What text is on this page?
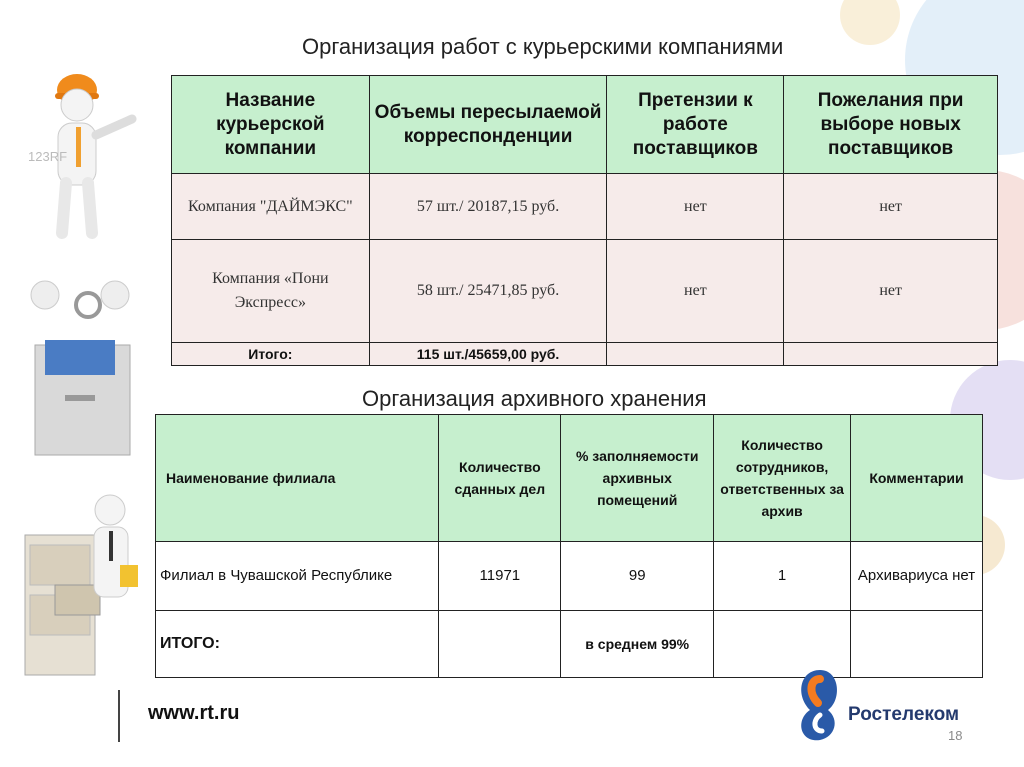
123RF
Организация работ с курьерскими компаниями
Название курьерской компании	Объемы пересылаемой корреспонденции	Претензии к работе поставщиков	Пожелания при выборе новых поставщиков
Компания "ДАЙМЭКС"	57 шт./ 20187,15 руб.	нет	нет
Компания «Пони Экспресс»	58 шт./ 25471,85 руб.	нет	нет
Итого:	115 шт./45659,00 руб.		
Организация архивного хранения
Наименование филиала	Количество сданных дел	% заполняемости архивных помещений	Количество сотрудников, ответственных за архив	Комментарии
Филиал в Чувашской Республике	11971	99	1	Архивариуса нет
ИТОГО:		в среднем 99%		
www.rt.ru	Ростелеком
18
